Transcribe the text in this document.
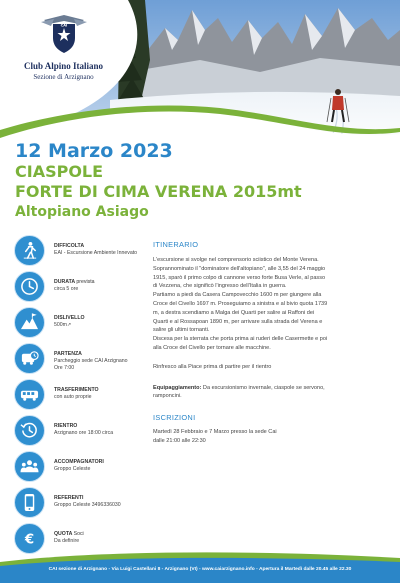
CAI
Club Alpino Italiano
Sezione di Arzignano
12 Marzo 2023
CIASPOLE
FORTE DI CIMA VERENA 2015mt
Altopiano Asiago
DIFFICOLTA
EAI - Escursione Ambiente Innevato
DURATA prevista
circa 5 ore
DISLIVELLO
500m↗
PARTENZA
Parcheggio sede CAI Arzignano
Ore 7:00
TRASFERIMENTO
con auto proprie
RIENTRO
Arzignano ore 18:00 circa
ACCOMPAGNATORI
Groppo Celeste
REFERENTI
Groppo Celeste 3496336030
€	QUOTA Soci
Da definire
ITINERARIO

L'escursione si svolge nel comprensorio sciistico del Monte Verena.

Soprannominato il "dominatore dell'altopiano", alle 3,55 del 24 maggio

1915, sparò il primo colpo di cannone verso forte Busa Verle, al passo

di Vezzena, che significò l'ingresso dell'Italia in guerra.

Partiamo a piedi da Casera Campovecchio 1600 m per giungere alla

Croce del Civello 1697 m. Proseguiamo a sinistra e al bivio quota 1739

m, a destra scendiamo a Malga dei Quarti per salire ai Raffoni dei

Quarti e al Rossapoan 1890 m, per arrivare sulla strada del Verena e

salire gli ultimi tornanti.

Discesa per la sterrata che porta prima ai ruderi delle Casermette e poi

alla Croce del Civello per tornare alle macchine.

Rinfresco alla Piace prima di partire per il rientro

Equipaggiamento: Da escursionismo invernale, ciaspole se servono,

ramponcini.

ISCRIZIONI

Martedì 28 Febbraio e 7 Marzo presso la sede Cai

dalle 21:00 alle 22:30

CAI sezione di Arzignano - Via Luigi Castellani 8 - Arzignano (VI) - www.caiarzignano.info - Apertura il Martedì dalle 20.45 alle 22.30
